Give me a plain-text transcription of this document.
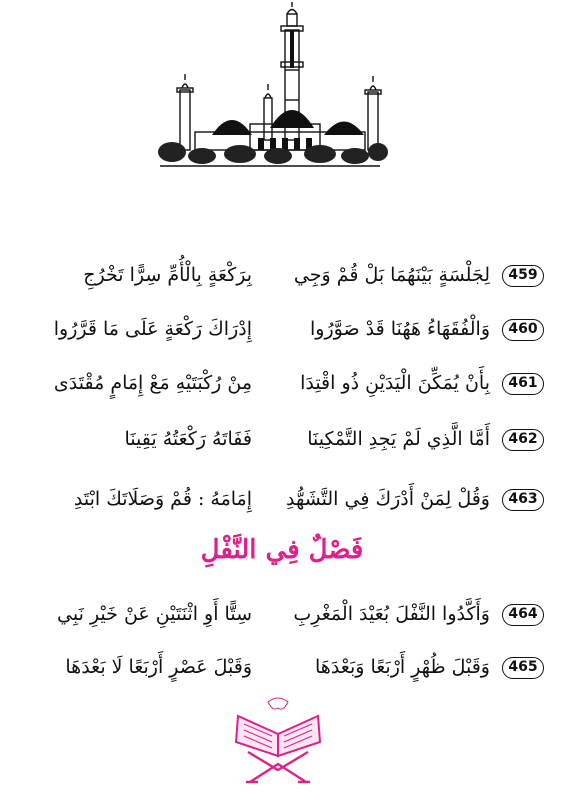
459
لِجَلْسَةٍ بَيْنَهُمَا بَلْ قُمْ وَجِي
بِرَكْعَةٍ بِالْأُمِّ سِرًّا تَخْرُجِ
460
وَالْفُقَهَاءُ هَهُنَا قَدْ صَوَّرُوا
إِدْرَاكَ رَكْعَةٍ عَلَى مَا قَرَّرُوا
461
بِأَنْ يُمَكِّنَ الْيَدَيْنِ ذُو اقْتِدَا
مِنْ رُكْبَتَيْهِ مَعْ إِمَامٍ مُقْتَدَى
462
أَمَّا الَّذِي لَمْ يَجِدِ التَّمْكِينَا
فَفَاتَهُ رَكْعَتُهُ يَقِينَا
463
وَقُلْ لِمَنْ أَدْرَكَ فِي التَّشَهُّدِ
إِمَامَهُ : قُمْ وَصَلَاتَكَ ابْتَدِ
فَصْلٌ فِي النَّفْلِ
464
وَأَكَّدُوا النَّفْلَ بُعَيْدَ الْمَغْرِبِ
سِتًّا أَوِ اثْنَتَيْنِ عَنْ خَيْرِ نَبِي
465
وَقَبْلَ ظُهْرٍ أَرْبَعًا وَبَعْدَهَا
وَقَبْلَ عَصْرٍ أَرْبَعًا لَا بَعْدَهَا
